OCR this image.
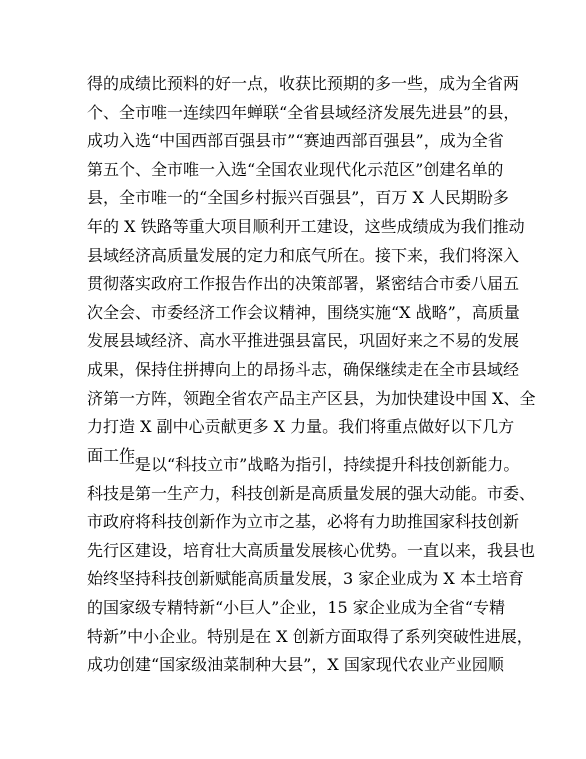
得的成绩比预料的好一点，收获比预期的多一些，成为全省两
个、全市唯一连续四年蝉联“全省县域经济发展先进县”的县，
成功入选“中国西部百强县市”“赛迪西部百强县”，成为全省
第五个、全市唯一入选“全国农业现代化示范区”创建名单的
县，全市唯一的“全国乡村振兴百强县”，百万 X 人民期盼多
年的 X 铁路等重大项目顺利开工建设，这些成绩成为我们推动
县域经济高质量发展的定力和底气所在。接下来，我们将深入
贯彻落实政府工作报告作出的决策部署，紧密结合市委八届五
次全会、市委经济工作会议精神，围绕实施“X 战略”，高质量
发展县域经济、高水平推进强县富民，巩固好来之不易的发展
成果，保持住拼搏向上的昂扬斗志，确保继续走在全市县域经
济第一方阵，领跑全省农产品主产区县，为加快建设中国 X、全
力打造 X 副中心贡献更多 X 力量。我们将重点做好以下几方
面工作。
一是以“科技立市”战略为指引，持续提升科技创新能力。
科技是第一生产力，科技创新是高质量发展的强大动能。市委、
市政府将科技创新作为立市之基，必将有力助推国家科技创新
先行区建设，培育壮大高质量发展核心优势。一直以来，我县也
始终坚持科技创新赋能高质量发展，3 家企业成为 X 本土培育
的国家级专精特新“小巨人”企业，15 家企业成为全省“专精
特新”中小企业。特别是在 X 创新方面取得了系列突破性进展，
成功创建“国家级油菜制种大县”，X 国家现代农业产业园顺
